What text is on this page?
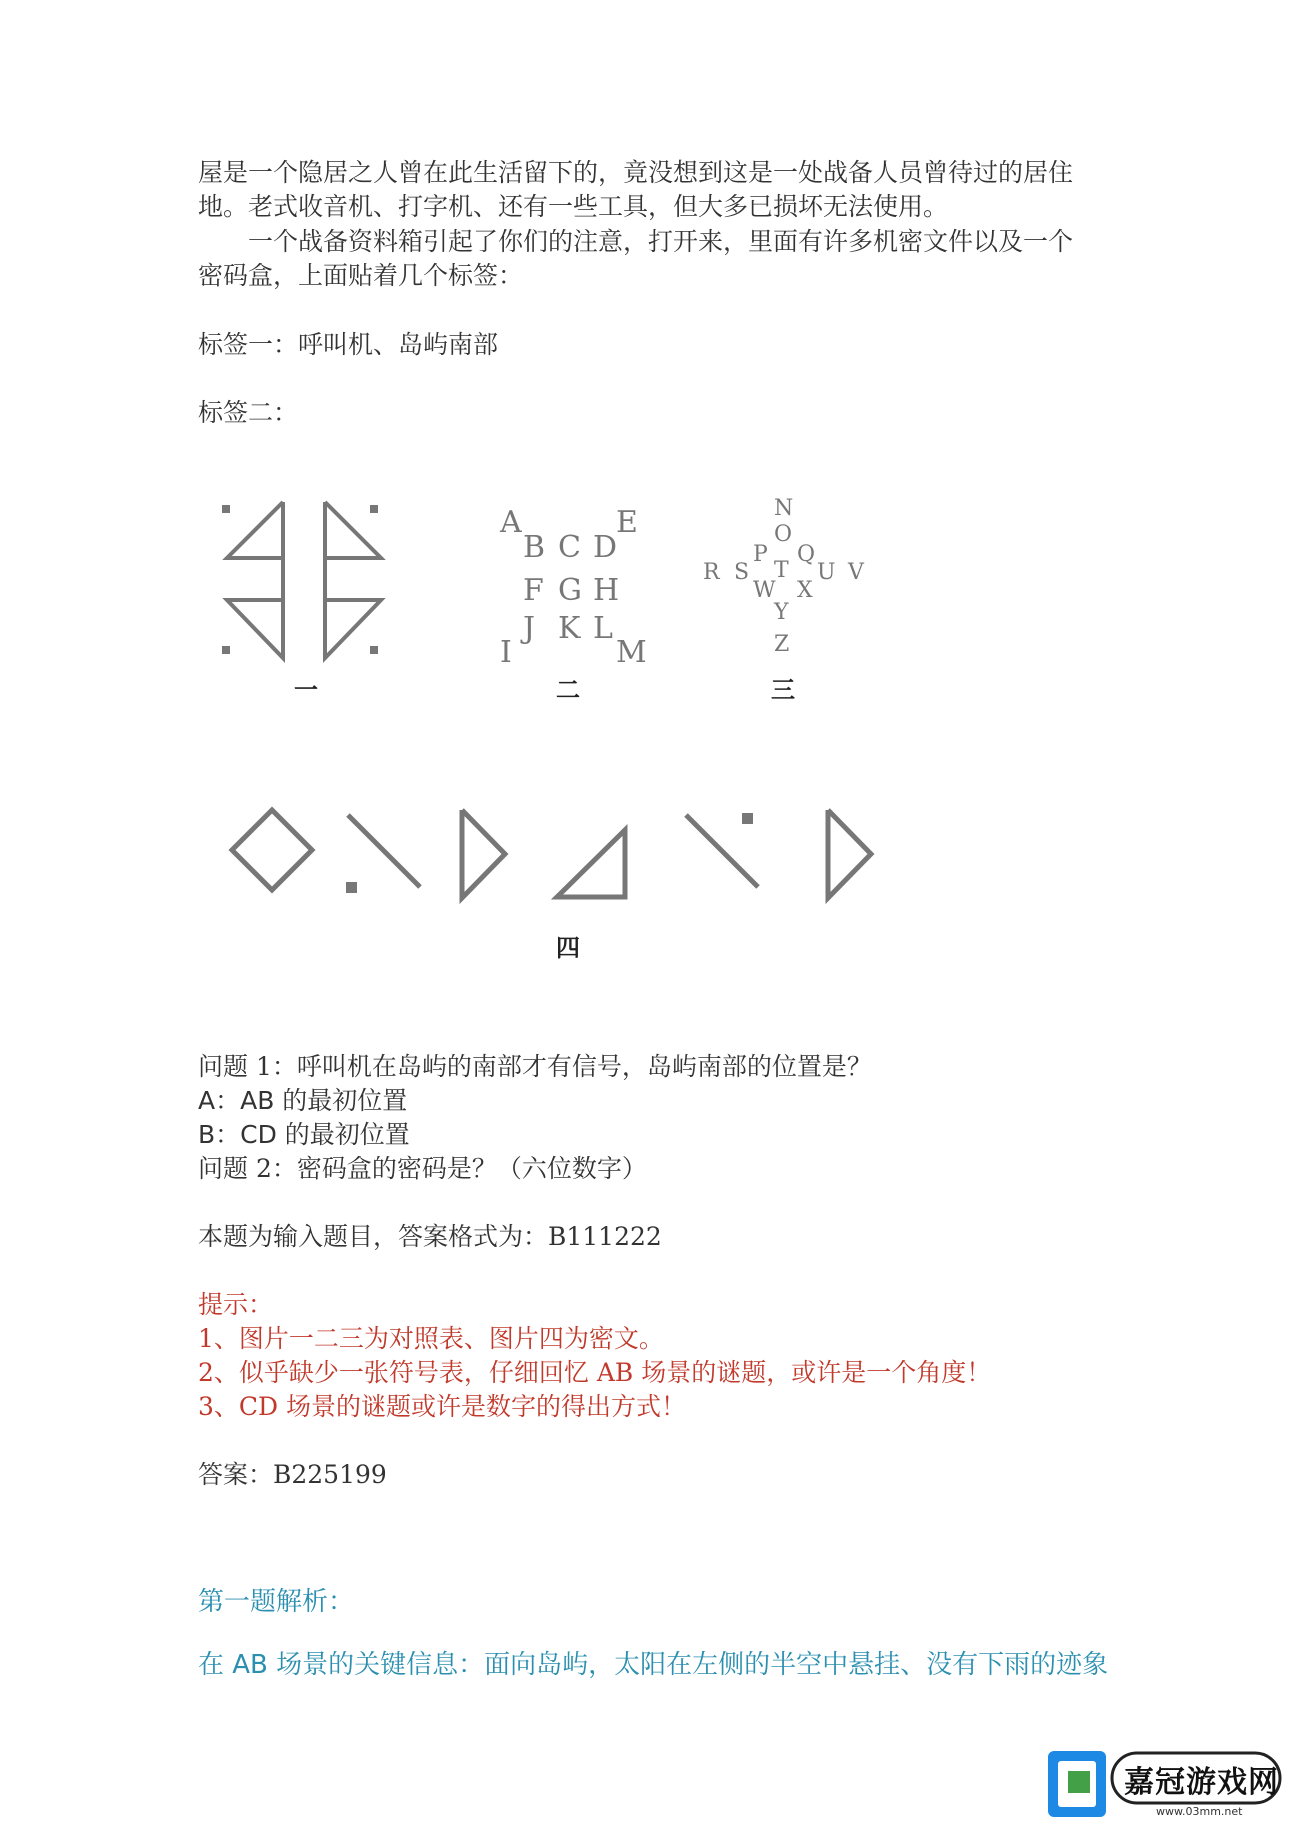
屋是一个隐居之人曾在此生活留下的，竟没想到这是一处战备人员曾待过的居住
地。老式收音机、打字机、还有一些工具，但大多已损坏无法使用。
一个战备资料箱引起了你们的注意，打开来，里面有许多机密文件以及一个
密码盒，上面贴着几个标签：
标签一：呼叫机、岛屿南部
标签二：
一
A
B C D
E
F G H
I
J K L
M
二
N
O
P Q
R S T U V
W X
Y
Z
三
四
问题 1：呼叫机在岛屿的南部才有信号，岛屿南部的位置是？
A：AB 的最初位置
B：CD 的最初位置
问题 2：密码盒的密码是？（六位数字）
本题为输入题目，答案格式为：B111222
提示：
1、图片一二三为对照表、图片四为密文。
2、似乎缺少一张符号表，仔细回忆 AB 场景的谜题，或许是一个角度！
3、CD 场景的谜题或许是数字的得出方式！
答案：B225199
第一题解析：
在 AB 场景的关键信息：面向岛屿，太阳在左侧的半空中悬挂、没有下雨的迹象
嘉冠游戏网
www.03mm.net
